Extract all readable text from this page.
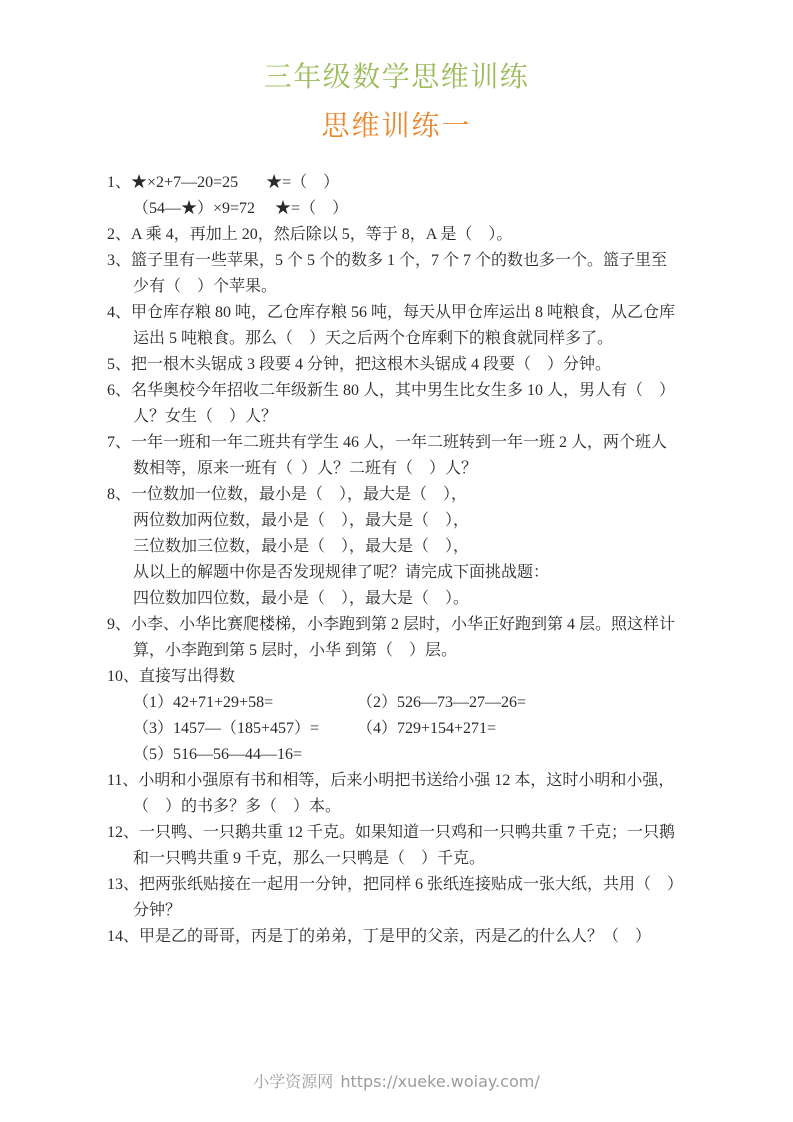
三年级数学思维训练
思维训练一
1、★×2+7—20=25       ★=（    ）
（54—★）×9=72     ★=（    ）
2、A 乘 4，再加上 20，然后除以 5，等于 8，A 是（    ）。
3、篮子里有一些苹果，5 个 5 个的数多 1 个，7 个 7 个的数也多一个。篮子里至
少有（    ）个苹果。
4、甲仓库存粮 80 吨，乙仓库存粮 56 吨，每天从甲仓库运出 8 吨粮食，从乙仓库
运出 5 吨粮食。那么（    ）天之后两个仓库剩下的粮食就同样多了。
5、把一根木头锯成 3 段要 4 分钟，把这根木头锯成 4 段要（    ）分钟。
6、名华奥校今年招收二年级新生 80 人，其中男生比女生多 10 人，男人有（    ）
人？女生（    ）人？
7、一年一班和一年二班共有学生 46 人，一年二班转到一年一班 2 人，两个班人
数相等，原来一班有（  ）人？二班有（    ）人？
8、一位数加一位数，最小是（    ），最大是（    ），
两位数加两位数，最小是（    ），最大是（    ），
三位数加三位数，最小是（    ），最大是（    ），
从以上的解题中你是否发现规律了呢？请完成下面挑战题：
四位数加四位数，最小是（    ），最大是（    ）。
9、小李、小华比赛爬楼梯，小李跑到第 2 层时，小华正好跑到第 4 层。照这样计
算，小李跑到第 5 层时，小华 到第（    ）层。
10、直接写出得数
（1）42+71+29+58=	（2）526—73—27—26=
（3）1457—（185+457）= （4）729+154+271=
（5）516—56—44—16=
11、小明和小强原有书和相等，后来小明把书送给小强 12 本，这时小明和小强，
（    ）的书多？多（    ）本。
12、一只鸭、一只鹅共重 12 千克。如果知道一只鸡和一只鸭共重 7 千克；一只鹅
和一只鸭共重 9 千克，那么一只鸭是（    ）千克。
13、把两张纸贴接在一起用一分钟，把同样 6 张纸连接贴成一张大纸，共用（    ）
分钟？
14、甲是乙的哥哥，丙是丁的弟弟，丁是甲的父亲，丙是乙的什么人？（    ）
小学资源网 https://xueke.woiay.com/
